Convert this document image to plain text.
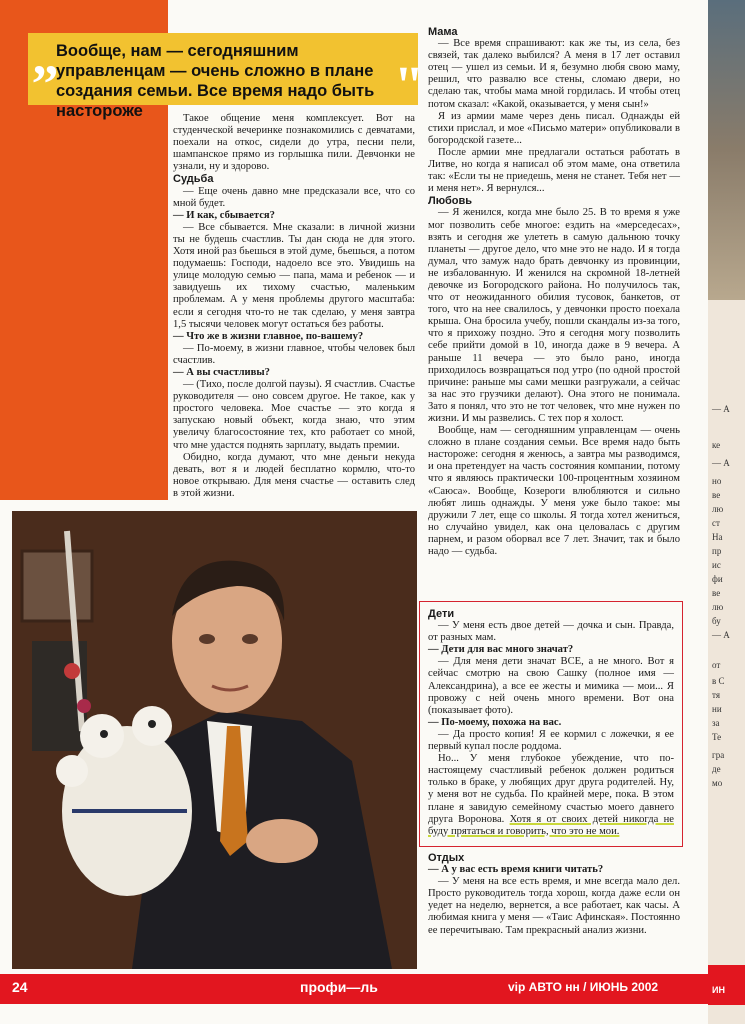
„
Вообще, нам — сегодняшним управленцам — очень сложно в плане создания семьи. Все время надо быть настороже	"

Такое общение меня комплексует. Вот на студенческой вечеринке познакомились с девчатами, поехали на откос, сидели до утра, песни пели, шампанское прямо из горлышка пили. Девчонки не узнали, ну и здорово.

Судьба

— Еще очень давно мне предсказали все, что со мной будет.

— И как, сбывается?

— Все сбывается. Мне сказали: в личной жизни ты не будешь счастлив. Ты дан сюда не для этого. Хотя иной раз бьешься в этой думе, бьешься, а потом подумаешь: Господи, надоело все это. Увидишь на улице молодую семью — папа, мама и ребенок — и завидуешь их тихому счастью, маленьким проблемам. А у меня проблемы другого масштаба: если я сегодня что-то не так сделаю, у меня завтра 1,5 тысячи человек могут остаться без работы.

— Что же в жизни главное, по-вашему?

— По-моему, в жизни главное, чтобы человек был счастлив.

— А вы счастливы?

— (Тихо, после долгой паузы). Я счастлив. Счастье руководителя — оно совсем другое. Не такое, как у простого человека. Мое счастье — это когда я запускаю новый объект, когда знаю, что этим увеличу благосостояние тех, кто работает со мной, что мне удастся поднять зарплату, выдать премии.

Обидно, когда думают, что мне деньги некуда девать, вот я и людей бесплатно кормлю, что-то новое открываю. Для меня счастье — оставить след в этой жизни.

Мама

— Все время спрашивают: как же ты, из села, без связей, так далеко выбился? А меня в 17 лет оставил отец — ушел из семьи. И я, безумно любя свою маму, решил, что развалю все стены, сломаю двери, но сделаю так, чтобы мама мной гордилась. И чтобы отец потом сказал: «Какой, оказывается, у меня сын!»

Я из армии маме через день писал. Однажды ей стихи прислал, и мое «Письмо матери» опубликовали в богородской газете...

После армии мне предлагали остаться работать в Литве, но когда я написал об этом маме, она ответила так: «Если ты не приедешь, меня не станет. Тебя нет — и меня нет». Я вернулся...

Любовь

— Я женился, когда мне было 25. В то время я уже мог позволить себе многое: ездить на «мерседесах», взять и сегодня же улететь в самую дальнюю точку планеты — другое дело, что мне это не надо. И я тогда думал, что замуж надо брать девчонку из провинции, не избалованную. И женился на скромной 18-летней девочке из Богородского района. Но получилось так, что от неожиданного обилия тусовок, банкетов, от того, что на нее свалилось, у девчонки просто поехала крыша. Она бросила учебу, пошли скандалы из-за того, что я прихожу поздно. Это я сегодня могу позволить себе прийти домой в 10, иногда даже в 9 вечера. А раньше 11 вечера — это было рано, иногда приходилось возвращаться под утро (по одной простой причине: раньше мы сами мешки разгружали, а сейчас за нас это грузчики делают). Она этого не понимала. Зато я понял, что это не тот человек, что мне нужен по жизни. И мы развелись. С тех пор я холост.

Вообще, нам — сегодняшним управленцам — очень сложно в плане создания семьи. Все время надо быть настороже: сегодня я женюсь, а завтра мы разводимся, и она претендует на часть состояния компании, потому что я являюсь практически 100-процентным хозяином «Саюса». Вообще, Козероги влюбляются и сильно любят лишь однажды. У меня уже было такое: мы дружили 7 лет, еще со школы. Я тогда хотел жениться, но случайно увидел, как она целовалась с другим парнем, и разом оборвал все 7 лет. Значит, так и было надо — судьба.

Дети

— У меня есть двое детей — дочка и сын. Правда, от разных мам.

— Дети для вас много значат?

— Для меня дети значат ВСЕ, а не много. Вот я сейчас смотрю на свою Сашку (полное имя — Александрина), а все ее жесты и мимика — мои... Я провожу с ней очень много времени. Вот она (показывает фото).

— По-моему, похожа на вас.

— Да просто копия! Я ее кормил с ложечки, я ее первый купал после роддома.

Но... У меня глубокое убеждение, что по-настоящему счастливый ребенок должен родиться только в браке, у любящих друг друга родителей. Ну, у меня вот не судьба. По крайней мере, пока. В этом плане я завидую семейному счастью моего давнего друга Воронова. Хотя я от своих детей никогда не буду прятаться и говорить, что это не мои.

Отдых

— А у вас есть время книги читать?

— У меня на все есть время, и мне всегда мало дел. Просто руководитель тогда хорош, когда даже если он уедет на неделю, вернется, а все работает, как часы. А любимая книга у меня — «Таис Афинская». Постоянно ее перечитываю. Там прекрасный анализ жизни.

24	профи—ль	vip АВТО нн / ИЮНЬ 2002
— А
ке
— А
но
ве
лю
ст
На
пр
ис
фи
ве
лю
бу
— А
от
в С
тя
ни
за
Те
гра
де
мо
ИН
